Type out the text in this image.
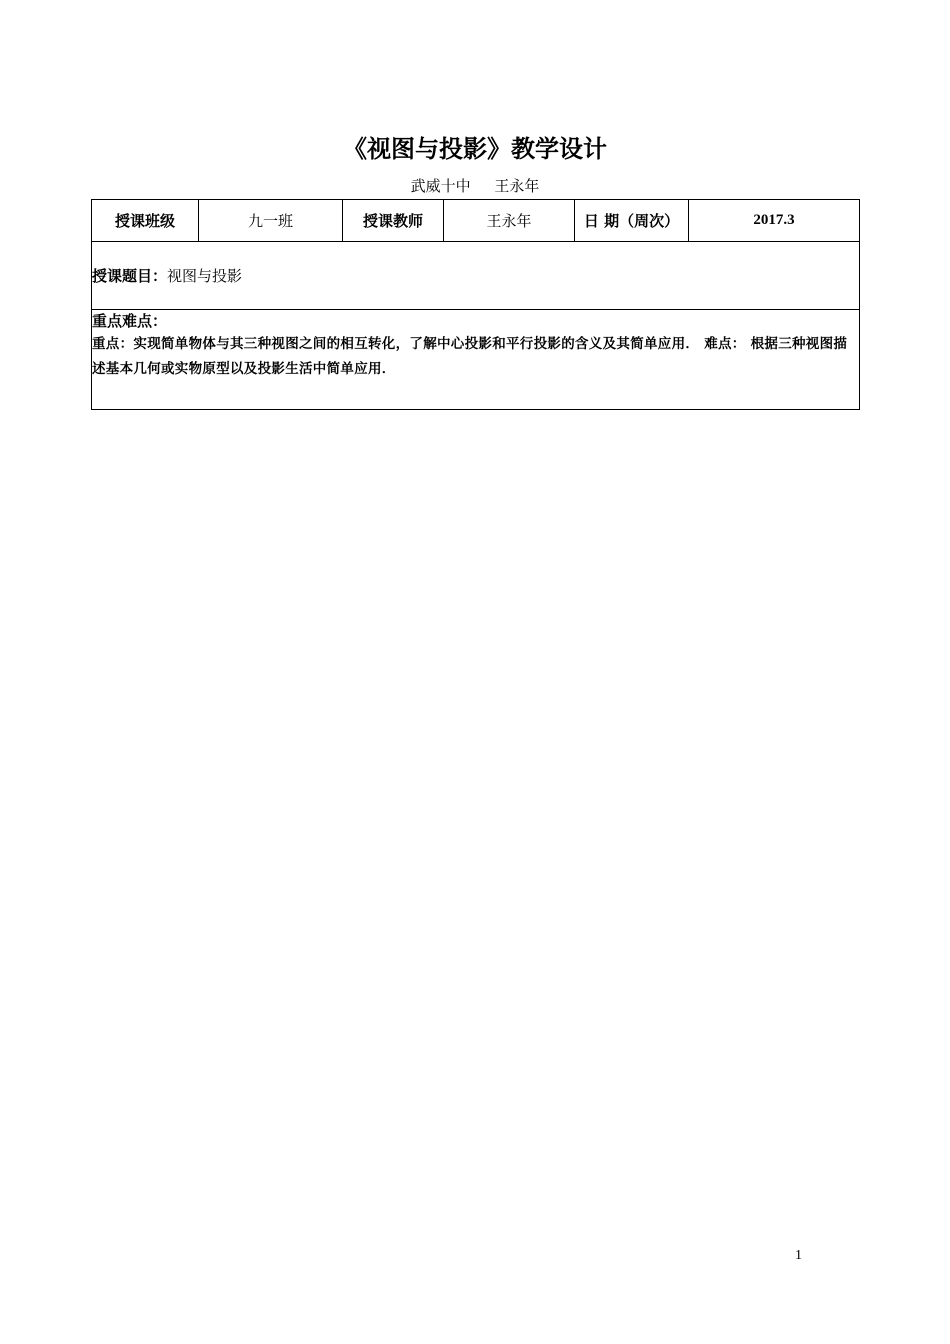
《视图与投影》教学设计
武威十中     王永年
授课班级	九一班	授课教师	王永年	日 期（周次）	2017.3
授课题目：视图与投影

重点难点：
重点：实现简单物体与其三种视图之间的相互转化，了解中心投影和平行投影的含义及其简单应用． 难点： 根据三种视图描述基本几何或实物原型以及投影生活中简单应用．
1
